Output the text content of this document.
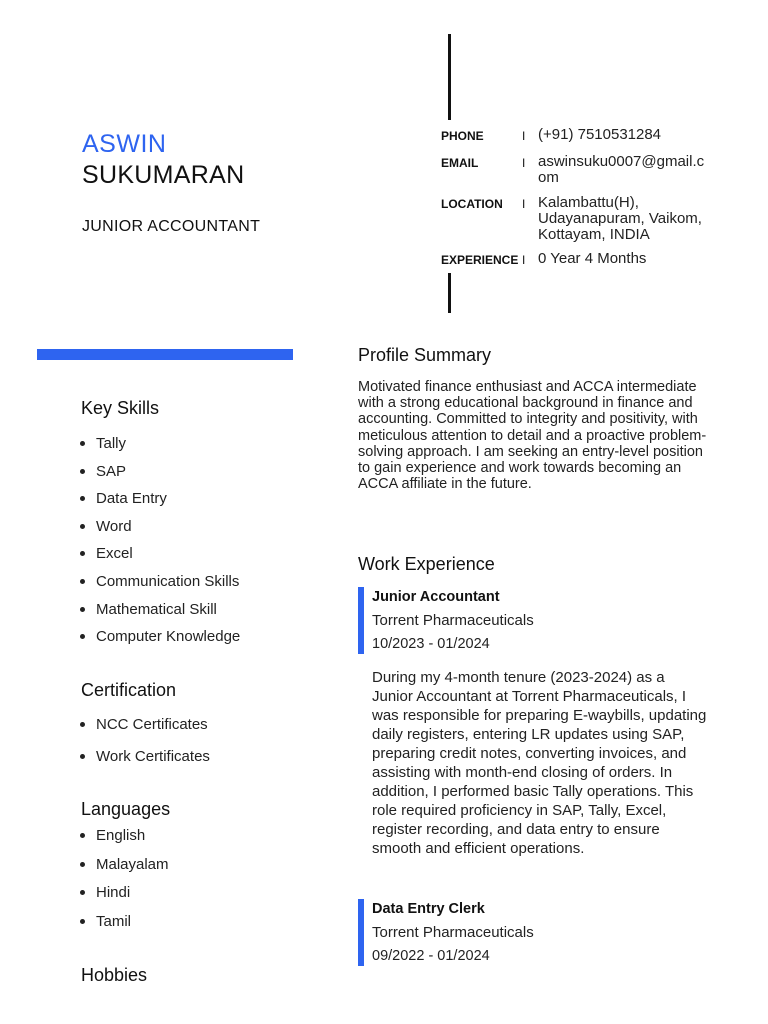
ASWIN
SUKUMARAN
JUNIOR ACCOUNTANT
PHONE	I (+91) 7510531284
EMAIL	I aswinsuku0007@gmail.c
om
LOCATION I Kalambattu(H),
Udayanapuram, Vaikom,
Kottayam, INDIA
EXPERIENCE I 0 Year 4 Months
Key Skills
Tally
SAP
Data Entry
Word
Excel
Communication Skills
Mathematical Skill
Computer Knowledge
Certification
NCC Certificates
Work Certificates
Languages
English
Malayalam
Hindi
Tamil
Hobbies
Profile Summary
Motivated finance enthusiast and ACCA intermediate with a strong educational background in finance and accounting. Committed to integrity and positivity, with meticulous attention to detail and a proactive problem-solving approach. I am seeking an entry-level position to gain experience and work towards becoming an ACCA affiliate in the future.
Work Experience
Junior Accountant
Torrent Pharmaceuticals
10/2023 - 01/2024
During my 4-month tenure (2023-2024) as a Junior Accountant at Torrent Pharmaceuticals, I was responsible for preparing E-waybills, updating daily registers, entering LR updates using SAP, preparing credit notes, converting invoices, and assisting with month-end closing of orders. In addition, I performed basic Tally operations. This role required proficiency in SAP, Tally, Excel, register recording, and data entry to ensure smooth and efficient operations.
Data Entry Clerk
Torrent Pharmaceuticals
09/2022 - 01/2024
